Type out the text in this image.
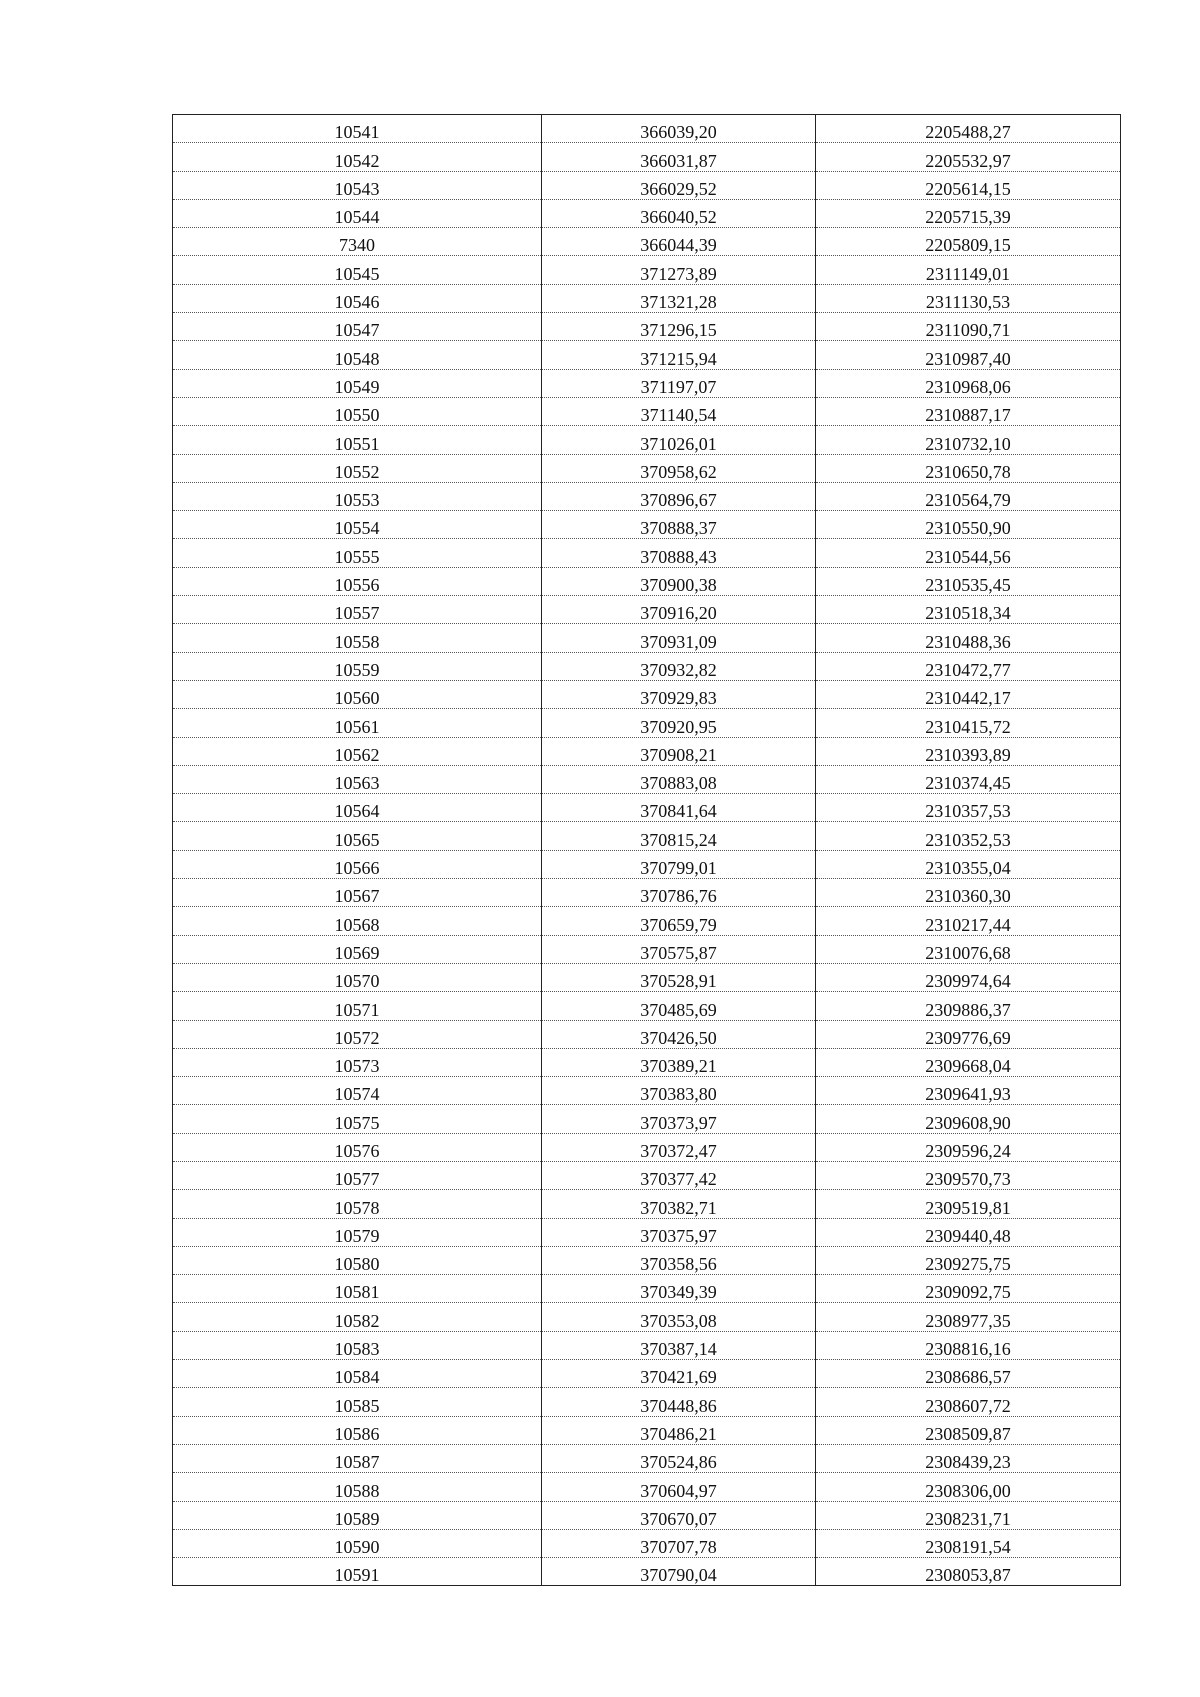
10541	366039,20	2205488,27
10542	366031,87	2205532,97
10543	366029,52	2205614,15
10544	366040,52	2205715,39
7340	366044,39	2205809,15
10545	371273,89	2311149,01
10546	371321,28	2311130,53
10547	371296,15	2311090,71
10548	371215,94	2310987,40
10549	371197,07	2310968,06
10550	371140,54	2310887,17
10551	371026,01	2310732,10
10552	370958,62	2310650,78
10553	370896,67	2310564,79
10554	370888,37	2310550,90
10555	370888,43	2310544,56
10556	370900,38	2310535,45
10557	370916,20	2310518,34
10558	370931,09	2310488,36
10559	370932,82	2310472,77
10560	370929,83	2310442,17
10561	370920,95	2310415,72
10562	370908,21	2310393,89
10563	370883,08	2310374,45
10564	370841,64	2310357,53
10565	370815,24	2310352,53
10566	370799,01	2310355,04
10567	370786,76	2310360,30
10568	370659,79	2310217,44
10569	370575,87	2310076,68
10570	370528,91	2309974,64
10571	370485,69	2309886,37
10572	370426,50	2309776,69
10573	370389,21	2309668,04
10574	370383,80	2309641,93
10575	370373,97	2309608,90
10576	370372,47	2309596,24
10577	370377,42	2309570,73
10578	370382,71	2309519,81
10579	370375,97	2309440,48
10580	370358,56	2309275,75
10581	370349,39	2309092,75
10582	370353,08	2308977,35
10583	370387,14	2308816,16
10584	370421,69	2308686,57
10585	370448,86	2308607,72
10586	370486,21	2308509,87
10587	370524,86	2308439,23
10588	370604,97	2308306,00
10589	370670,07	2308231,71
10590	370707,78	2308191,54
10591	370790,04	2308053,87
